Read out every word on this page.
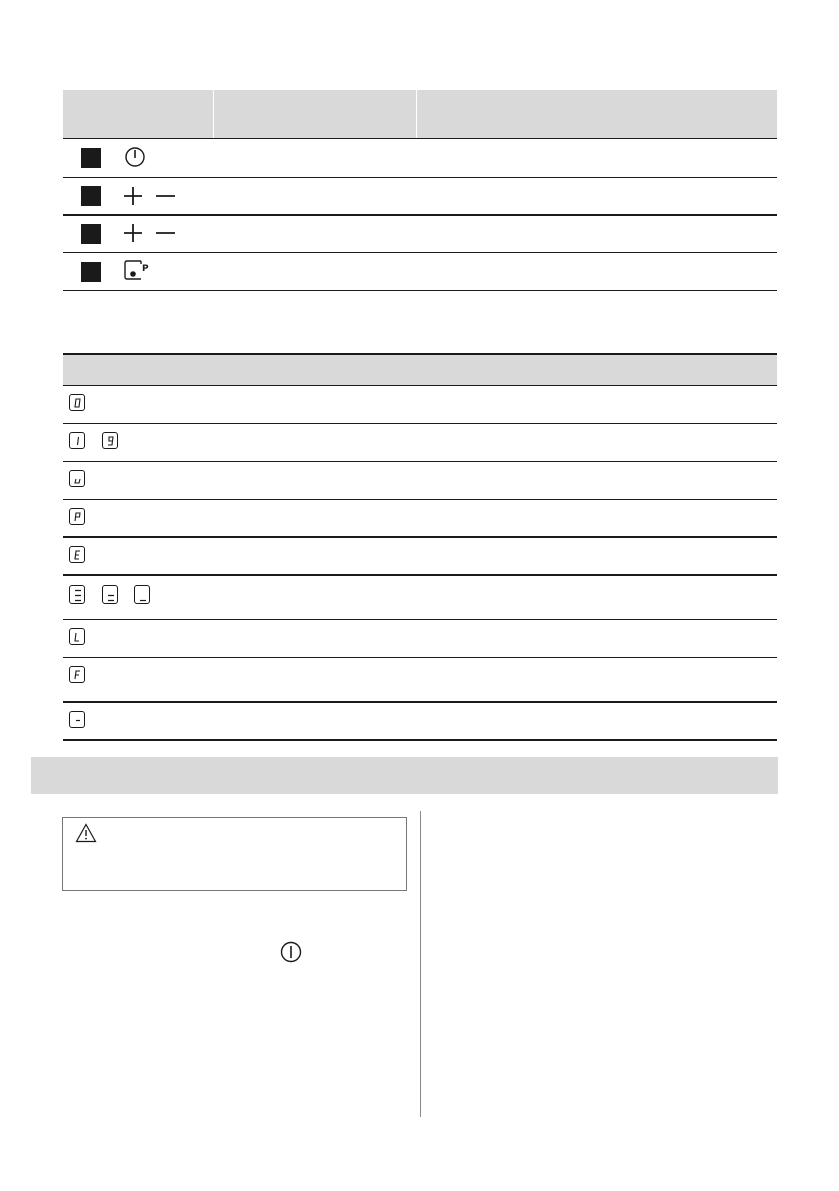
P
